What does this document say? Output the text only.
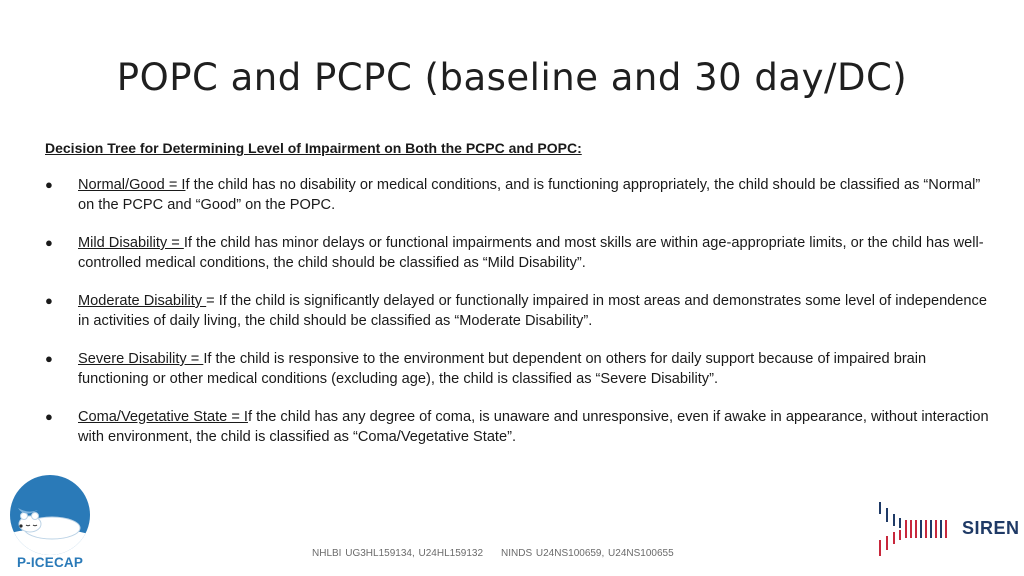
POPC and PCPC (baseline and 30 day/DC)

Decision Tree for Determining Level of Impairment on Both the PCPC and POPC:

● Normal/Good = If the child has no disability or medical conditions, and is functioning appropriately, the child should be classified as “Normal” on the PCPC and “Good” on the POPC.
● Mild Disability = If the child has minor delays or functional impairments and most skills are within age-appropriate limits, or the child has well-controlled medical conditions, the child should be classified as “Mild Disability”.
● Moderate Disability = If the child is significantly delayed or functionally impaired in most areas and demonstrates some level of independence in activities of daily living, the child should be classified as “Moderate Disability”.
● Severe Disability = If the child is responsive to the environment but dependent on others for daily support because of impaired brain functioning or other medical conditions (excluding age), the child is classified as “Severe Disability”.
● Coma/Vegetative State = If the child has any degree of coma, is unaware and unresponsive, even if awake in appearance, without interaction with environment, the child is classified as “Coma/Vegetative State”.
P-ICECAP
SIREN
NHLBI UG3HL159134, U24HL159132 NINDS U24NS100659, U24NS100655
